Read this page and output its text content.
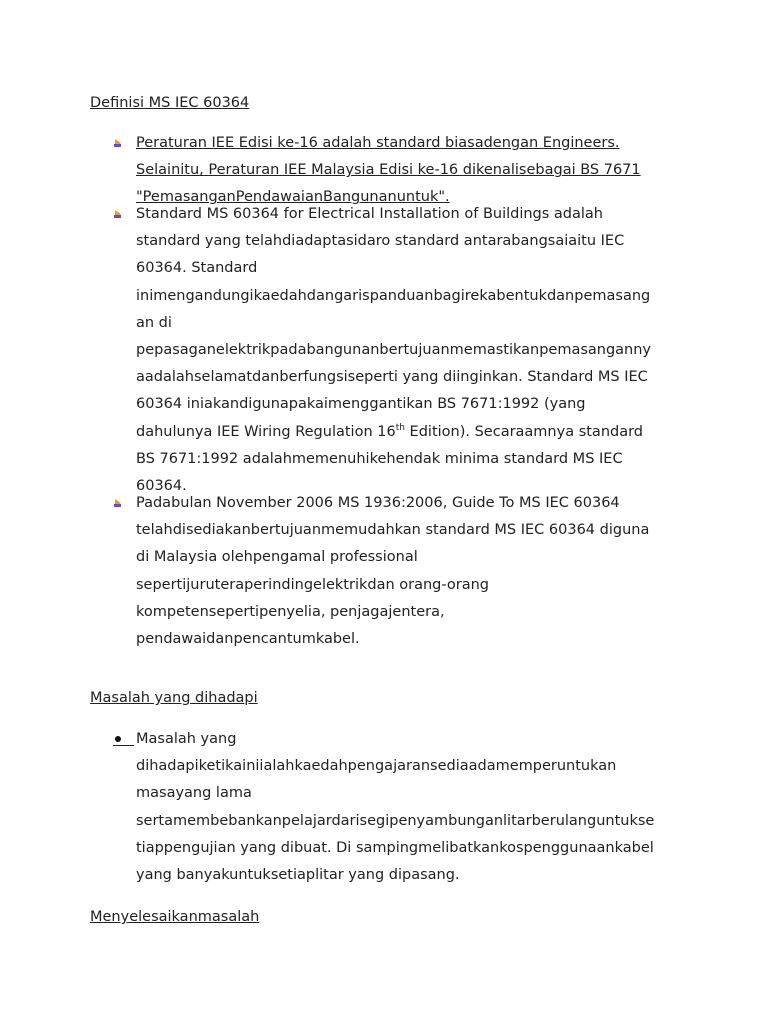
Definisi MS IEC 60364
Peraturan IEE Edisi ke-16 adalah standard biasadengan Engineers.
Selainitu, Peraturan IEE Malaysia Edisi ke-16 dikenalisebagai BS 7671
"PemasanganPendawaianBangunanuntuk".
Standard MS 60364 for Electrical Installation of Buildings adalah
standard yang telahdiadaptasidaro standard antarabangsaiaitu IEC
60364. Standard
inimengandungikaedahdangarispanduanbagirekabentukdanpemasang
an di
pepasaganelektrikpadabangunanbertujuanmemastikanpemasanganny
aadalahselamatdanberfungsiseperti yang diinginkan. Standard MS IEC
60364 iniakandigunapakaimenggantikan BS 7671:1992 (yang
dahulunya IEE Wiring Regulation 16th Edition). Secaraamnya standard
BS 7671:1992 adalahmemenuhikehendak minima standard MS IEC
60364.
Padabulan November 2006 MS 1936:2006, Guide To MS IEC 60364
telahdisediakanbertujuanmemudahkan standard MS IEC 60364 diguna
di Malaysia olehpengamal professional
sepertijuruteraperindingelektrikdan orang-orang
kompetensepertipenyelia, penjagajentera,
pendawaidanpencantumkabel.
Masalah yang dihadapi
Masalah yang
dihadapiketikainiialahkaedahpengajaransediaadamemperuntukan
masayang lama
sertamembebankanpelajardarisegipenyambunganlitarberulanguntukse
tiappengujian yang dibuat. Di sampingmelibatkankospenggunaankabel
yang banyakuntuksetiaplitar yang dipasang.
Menyelesaikanmasalah
